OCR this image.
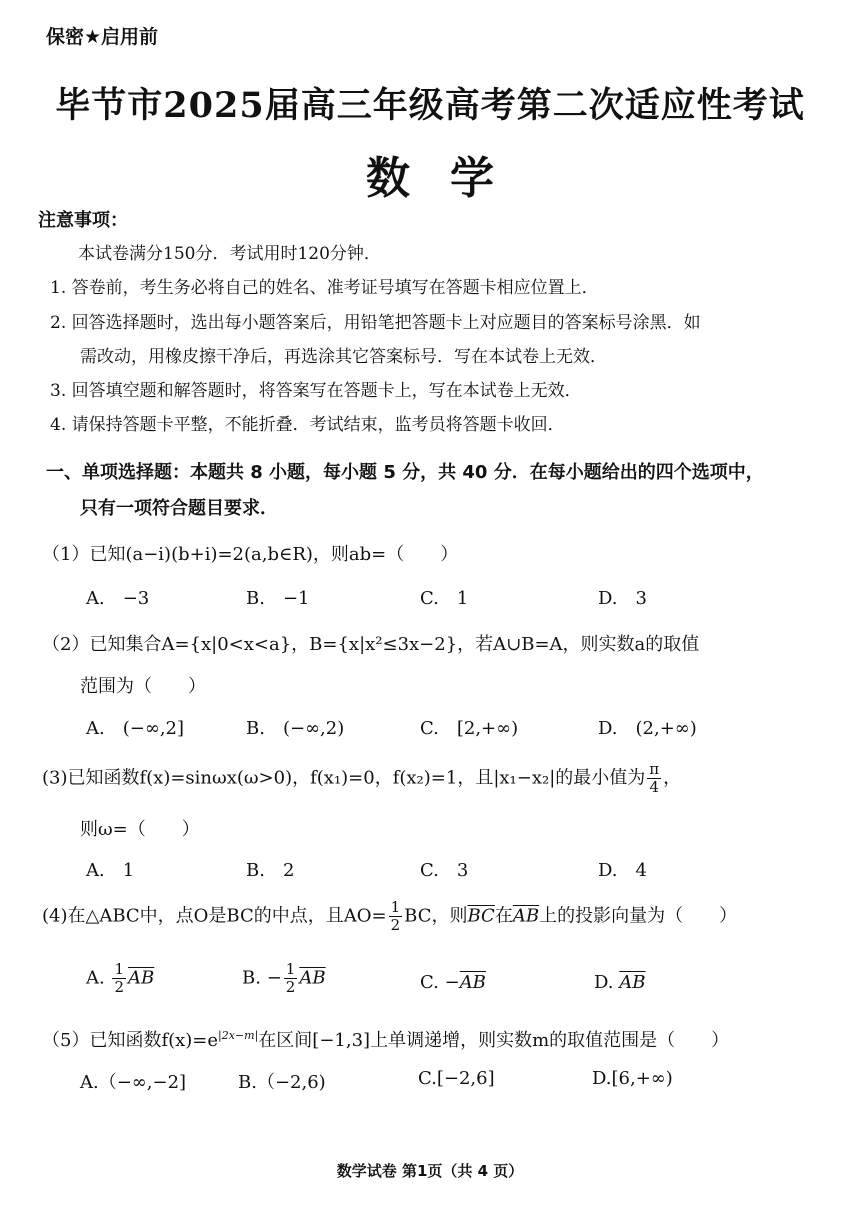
保密★启用前
毕节市2025届高三年级高考第二次适应性考试
数学
注意事项：
本试卷满分150分．考试用时120分钟．
1. 答卷前，考生务必将自己的姓名、准考证号填写在答题卡相应位置上．
2. 回答选择题时，选出每小题答案后，用铅笔把答题卡上对应题目的答案标号涂黑．如
需改动，用橡皮擦干净后，再选涂其它答案标号．写在本试卷上无效．
3. 回答填空题和解答题时，将答案写在答题卡上，写在本试卷上无效．
4. 请保持答题卡平整，不能折叠．考试结束，监考员将答题卡收回．
一、单项选择题：本题共 8 小题，每小题 5 分，共 40 分．在每小题给出的四个选项中，
只有一项符合题目要求．
（1）已知(a−i)(b+i)=2(a,b∈R)，则ab=（　　）
A.　−3	B.　−1	C.　1	D.　3
（2）已知集合A={x|0<x<a}，B={x|x²≤3x−2}，若A∪B=A，则实数a的取值
范围为（　　）
A.　(−∞,2]	B.　(−∞,2)	C.　[2,+∞)	D.　(2,+∞)
(3)已知函数f(x)=sinωx(ω>0)，f(x₁)=0，f(x₂)=1，且|x₁−x₂|的最小值为 $\frac{\pi}{4}$ ，
则ω=（　　）
A.　1	B.　2	C.　3	D.　4
(4)在△ABC中，点O是BC的中点，且$AO= \frac{1}{2}$ BC，则$\overline{BC}$在$\overline{AB}$上的投影向量为（　　）
A. $\frac{1}{2} \overline{AB}$	B. − $\frac{1}{2} \overline{AB}$	C. $-\overline{AB}$	D. $\overline{AB}$
（5）已知函数$f(x)=e^{|2x-m|}$在区间[−1,3]上单调递增，则实数m的取值范围是（　　）
A.（−∞,−2]	B.（−2,6)	C.[−2,6]	D.[6,+∞)
数学试卷 第1页（共 4 页）
